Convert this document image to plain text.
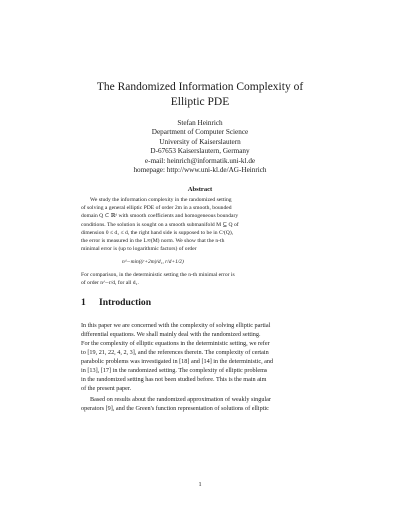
The Randomized Information Complexity of
Elliptic PDE
Stefan Heinrich
Department of Computer Science
University of Kaiserslautern
D-67653 Kaiserslautern, Germany
e-mail: heinrich@informatik.uni-kl.de
homepage: http://www.uni-kl.de/AG-Heinrich
Abstract
We study the information complexity in the randomized setting
of solving a general elliptic PDE of order 2m in a smooth, bounded
domain Q ⊂ ℝᵈ with smooth coefficients and homogeneous boundary
conditions. The solution is sought on a smooth submanifold M ⊆ Q of
dimension 0 ≤ d₁ ≤ d, the right hand side is supposed to be in Cʳ(Q),
the error is measured in the L∞(M) norm. We show that the n-th
minimal error is (up to logarithmic factors) of order
n^−min((r+2m)/d₁, r/d+1/2)
For comparison, in the deterministic setting the n-th minimal error is
of order n^−r/d, for all d₁.
1 Introduction
In this paper we are concerned with the complexity of solving elliptic partial
differential equations. We shall mainly deal with the randomized setting.
For the complexity of elliptic equations in the deterministic setting, we refer
to [19, 21, 22, 4, 2, 3], and the references therein. The complexity of certain
parabolic problems was investigated in [18] and [14] in the deterministic, and
in [13], [17] in the randomized setting. The complexity of elliptic problems
in the randomized setting has not been studied before. This is the main aim
of the present paper.
Based on results about the randomized approximation of weakly singular
operators [9], and the Green's function representation of solutions of elliptic
1
